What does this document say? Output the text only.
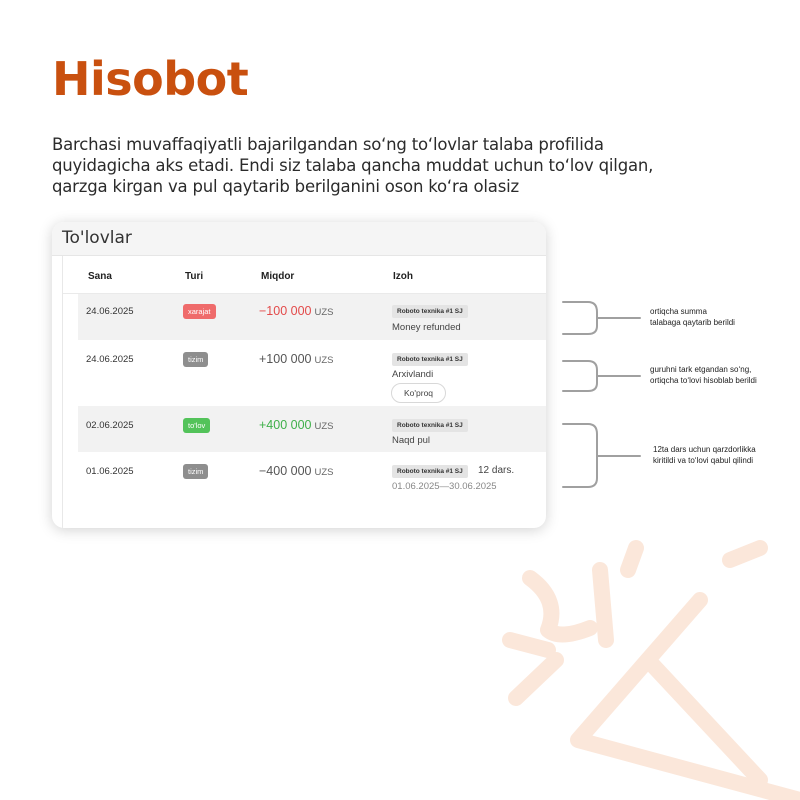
Hisobot
Barchasi muvaffaqiyatli bajarilgandan so‘ng to‘lovlar talaba profilida quyidagicha aks etadi. Endi siz talaba qancha muddat uchun to‘lov qilgan, qarzga kirgan va pul qaytarib berilganini oson ko‘ra olasiz
To'lovlar
Sana	Turi	Miqdor	Izoh
24.06.2025	xarajat	−100 000 UZS	Roboto texnika #1 SJ
Money refunded
24.06.2025	tizim	+100 000 UZS	Roboto texnika #1 SJ
Arxivlandi
Ko'proq
02.06.2025	to'lov	+400 000 UZS	Roboto texnika #1 SJ
Naqd pul
01.06.2025	tizim	−400 000 UZS	Roboto texnika #1 SJ	12 dars.
01.06.2025—30.06.2025
ortiqcha summa
talabaga qaytarib berildi
guruhni tark etgandan so‘ng,
ortiqcha to‘lovi hisoblab berildi
12ta dars uchun qarzdorlikka
kiritildi va to‘lovi qabul qilindi
